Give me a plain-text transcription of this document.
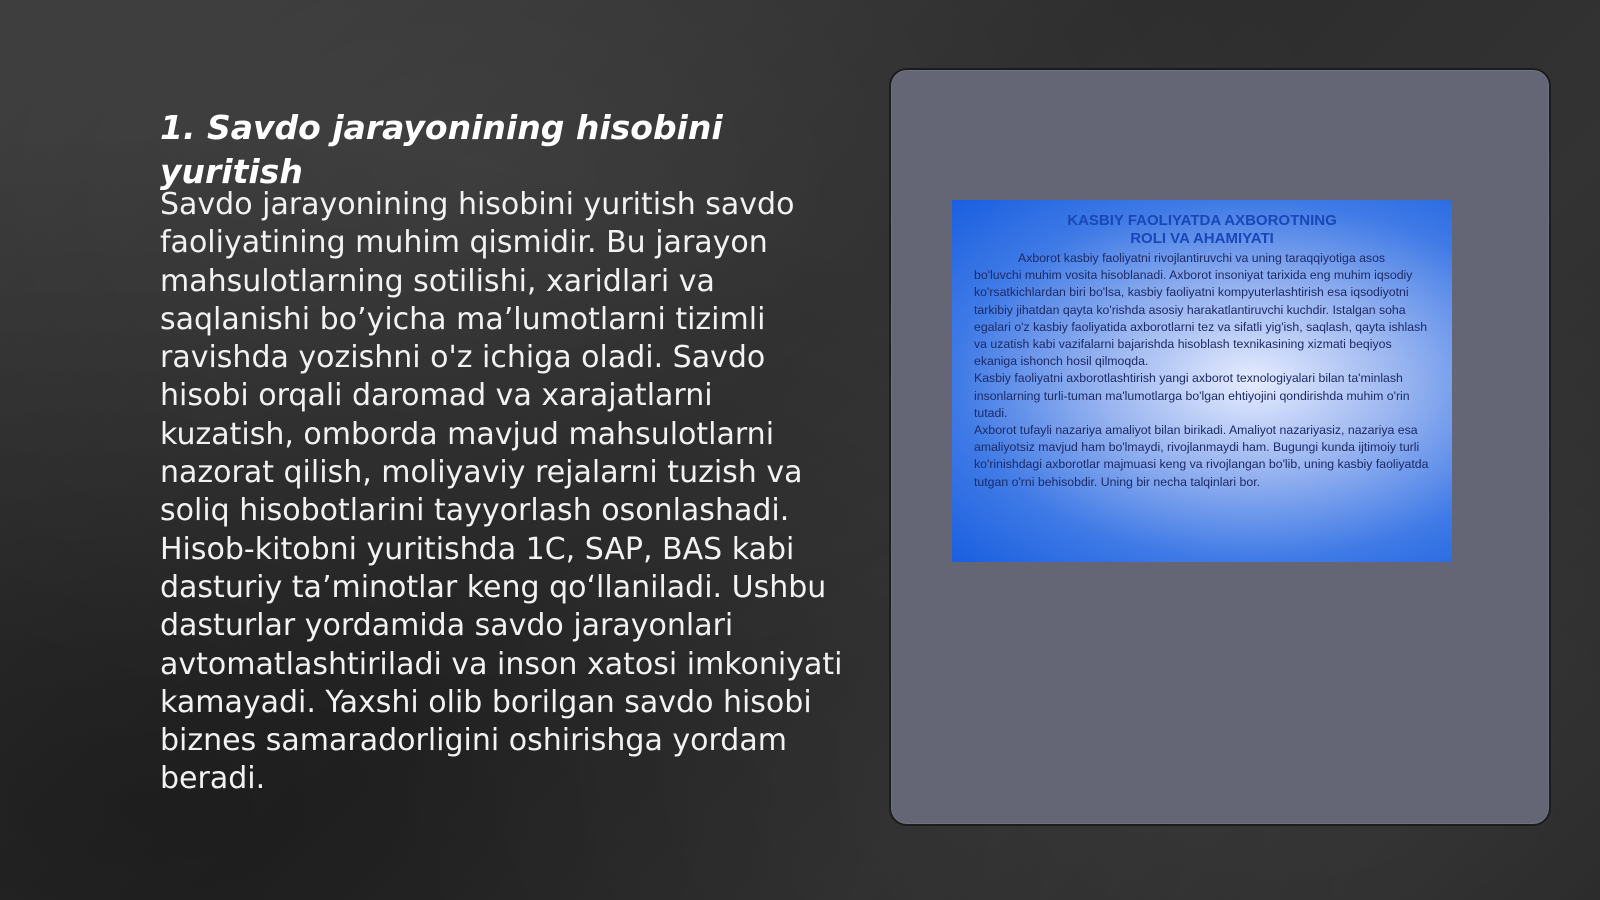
1. Savdo jarayonining hisobini yuritish

Savdo jarayonining hisobini yuritish savdo faoliyatining muhim qismidir. Bu jarayon mahsulotlarning sotilishi, xaridlari va saqlanishi bo’yicha ma’lumotlarni tizimli ravishda yozishni o'z ichiga oladi. Savdo hisobi orqali daromad va xarajatlarni kuzatish, omborda mavjud mahsulotlarni nazorat qilish, moliyaviy rejalarni tuzish va soliq hisobotlarini tayyorlash osonlashadi. Hisob-kitobni yuritishda 1C, SAP, BAS kabi dasturiy ta’minotlar keng qo‘llaniladi. Ushbu dasturlar yordamida savdo jarayonlari avtomatlashtiriladi va inson xatosi imkoniyati kamayadi. Yaxshi olib borilgan savdo hisobi biznes samaradorligini oshirishga yordam beradi.

KASBIY FAOLIYATDA AXBOROTNING
ROLI VA AHAMIYATI

Axborot kasbiy faoliyatni rivojlantiruvchi va uning taraqqiyotiga asos bo'luvchi muhim vosita hisoblanadi. Axborot insoniyat tarixida eng muhim iqsodiy ko'rsatkichlardan biri bo'lsa, kasbiy faoliyatni kompyuterlashtirish esa iqsodiyotni tarkibiy jihatdan qayta ko'rishda asosiy harakatlantiruvchi kuchdir. Istalgan soha egalari o'z kasbiy faoliyatida axborotlarni tez va sifatli yig'ish, saqlash, qayta ishlash va uzatish kabi vazifalarni bajarishda hisoblash texnikasining xizmati beqiyos ekaniga ishonch hosil qilmoqda.

Kasbiy faoliyatni axborotlashtirish yangi axborot texnologiyalari bilan ta'minlash insonlarning turli-tuman ma'lumotlarga bo'lgan ehtiyojini qondirishda muhim o'rin tutadi.

Axborot tufayli nazariya amaliyot bilan birikadi. Amaliyot nazariyasiz, nazariya esa amaliyotsiz mavjud ham bo'lmaydi, rivojlanmaydi ham. Bugungi kunda ijtimoiy turli ko'rinishdagi axborotlar majmuasi keng va rivojlangan bo'lib, uning kasbiy faoliyatda tutgan o'rni behisobdir. Uning bir necha talqinlari bor.
